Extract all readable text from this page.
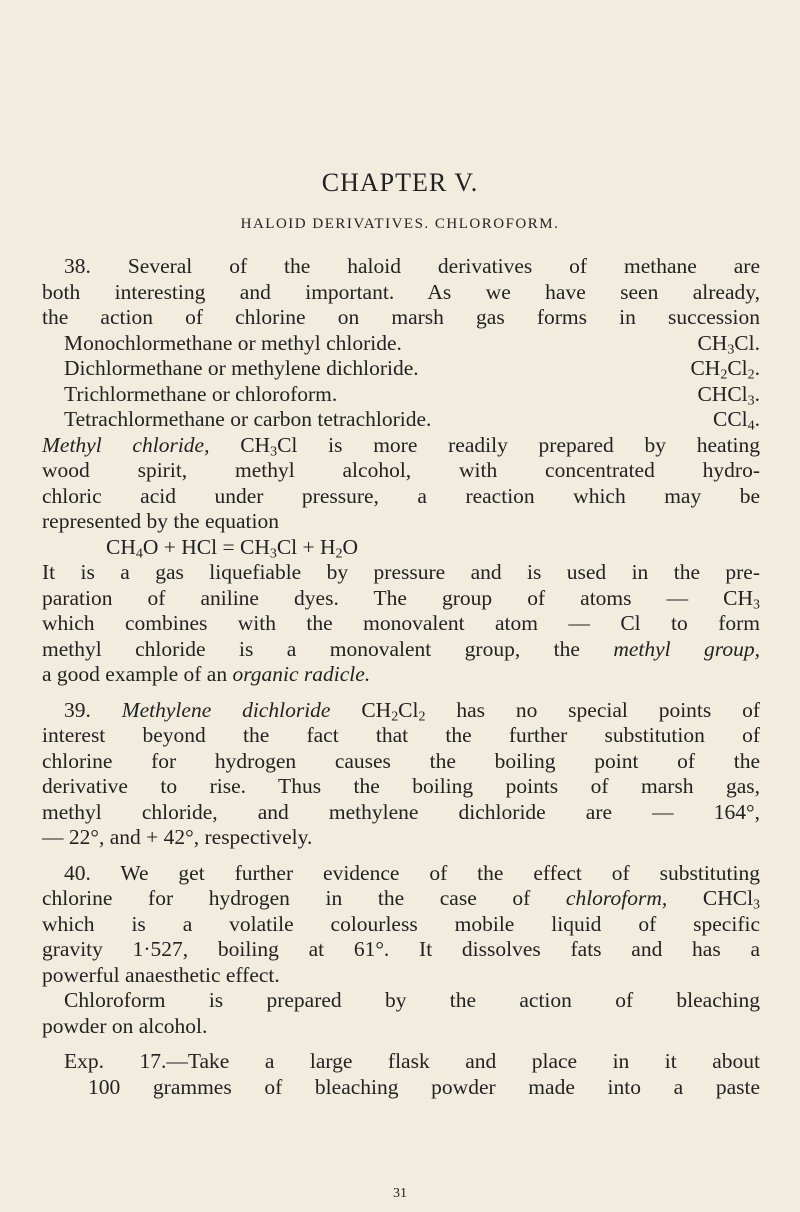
CHAPTER V.
HALOID DERIVATIVES. CHLOROFORM.

38. Several of the haloid derivatives of methane are

both interesting and important. As we have seen already,

the action of chlorine on marsh gas forms in succession

Monochlormethane or methyl chloride.	$CH_3Cl$.
Dichlormethane or methylene dichloride.	$CH_2Cl_2$.
Trichlormethane or chloroform.	CHCl$_3$.
Tetrachlormethane or carbon tetrachloride.	CCl$_4$.

Methyl chloride, $CH_3Cl$ is more readily prepared by heating

wood spirit, methyl alcohol, with concentrated hydro-

chloric acid under pressure, a reaction which may be

represented by the equation

$CH_4O$ + HCl = $CH_3Cl + H_2O$

It is a gas liquefiable by pressure and is used in the pre-

paration of aniline dyes. The group of atoms — $CH_3$

which combines with the monovalent atom — Cl to form

methyl chloride is a monovalent group, the methyl group,

a good example of an organic radicle.

39. Methylene dichloride $CH_2Cl_2$ has no special points of

interest beyond the fact that the further substitution of

chlorine for hydrogen causes the boiling point of the

derivative to rise. Thus the boiling points of marsh gas,

methyl chloride, and methylene dichloride are — 164°,

— 22°, and + 42°, respectively.

40. We get further evidence of the effect of substituting

chlorine for hydrogen in the case of chloroform, CHCl$_3$

which is a volatile colourless mobile liquid of specific

gravity 1·527, boiling at 61°. It dissolves fats and has a

powerful anaesthetic effect.

Chloroform is prepared by the action of bleaching

powder on alcohol.

Exp. 17.—Take a large flask and place in it about

100 grammes of bleaching powder made into a paste

31
